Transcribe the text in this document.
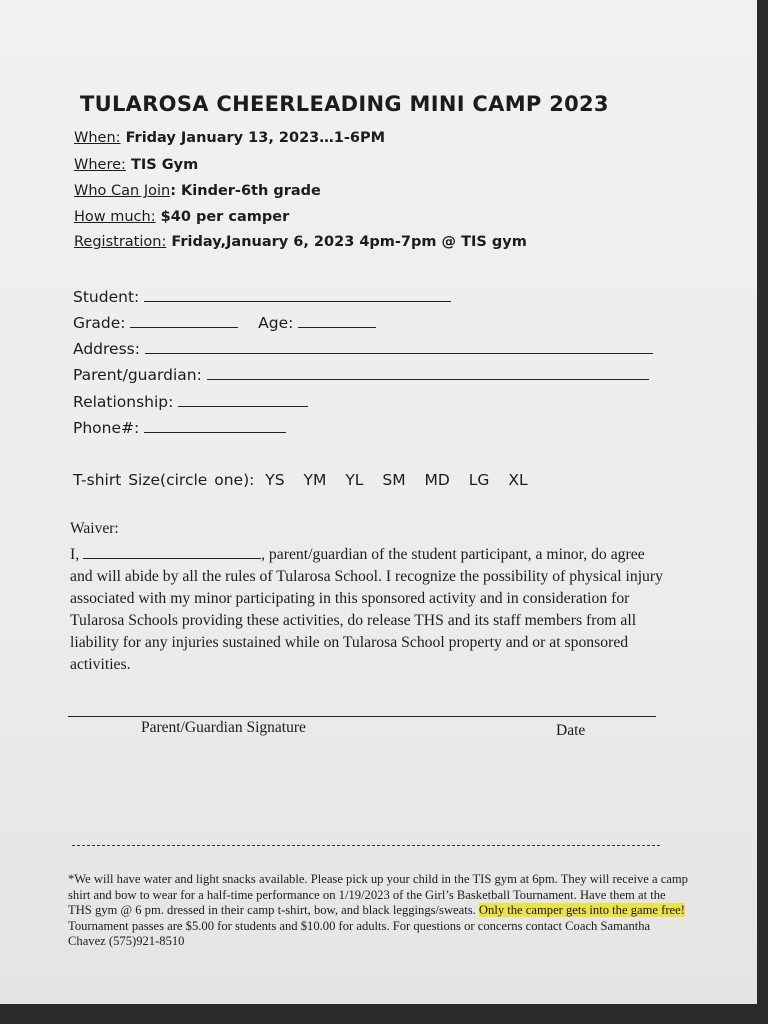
TULAROSA CHEERLEADING MINI CAMP 2023
When: Friday January 13, 2023…1-6PM
Where: TIS Gym
Who Can Join: Kinder-6th grade
How much: $40 per camper
Registration: Friday,January 6, 2023 4pm-7pm @ TIS gym
Student:
Grade:	Age:
Address:
Parent/guardian:
Relationship:
Phone#:
T-shirt Size(circle one): YS YM YL SM MD LG XL
Waiver:
I,	, parent/guardian of the student participant, a minor, do agree and will abide by all the rules of Tularosa School. I recognize the possibility of physical injury associated with my minor participating in this sponsored activity and in consideration for Tularosa Schools providing these activities, do release THS and its staff members from all liability for any injuries sustained while on Tularosa School property and or at sponsored activities.
Parent/Guardian Signature	Date
*We will have water and light snacks available. Please pick up your child in the TIS gym at 6pm. They will receive a camp shirt and bow to wear for a half-time performance on 1/19/2023 of the Girl’s Basketball Tournament. Have them at the THS gym @ 6 pm. dressed in their camp t-shirt, bow, and black leggings/sweats. Only the camper gets into the game free! Tournament passes are $5.00 for students and $10.00 for adults. For questions or concerns contact Coach Samantha Chavez (575)921-8510
